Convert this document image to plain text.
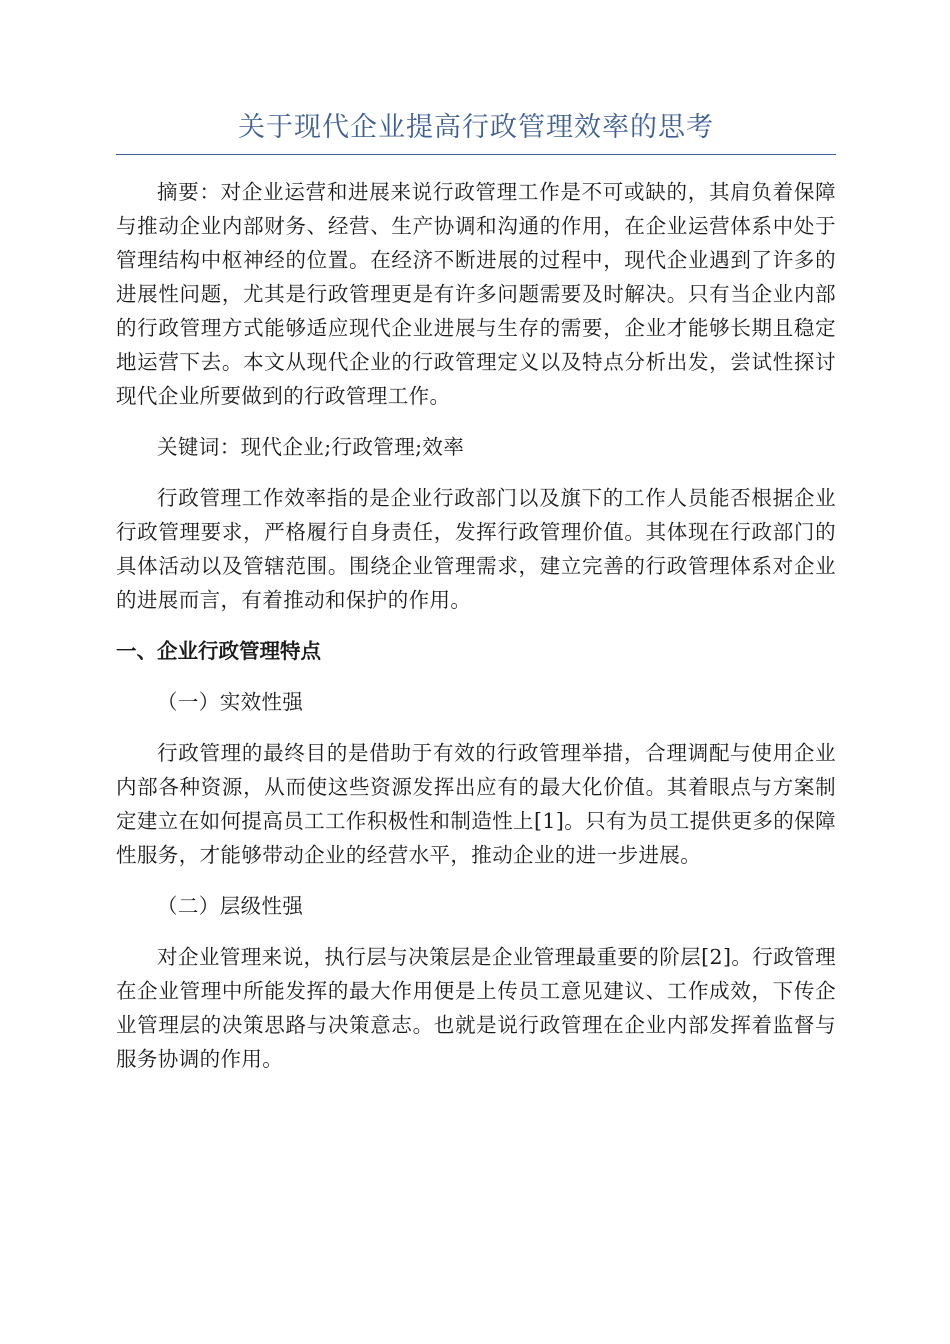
关于现代企业提高行政管理效率的思考

摘要：对企业运营和进展来说行政管理工作是不可或缺的，其肩负着保障与推动企业内部财务、经营、生产协调和沟通的作用，在企业运营体系中处于管理结构中枢神经的位置。在经济不断进展的过程中，现代企业遇到了许多的进展性问题，尤其是行政管理更是有许多问题需要及时解决。只有当企业内部的行政管理方式能够适应现代企业进展与生存的需要，企业才能够长期且稳定地运营下去。本文从现代企业的行政管理定义以及特点分析出发，尝试性探讨现代企业所要做到的行政管理工作。

关键词：现代企业;行政管理;效率

行政管理工作效率指的是企业行政部门以及旗下的工作人员能否根据企业行政管理要求，严格履行自身责任，发挥行政管理价值。其体现在行政部门的具体活动以及管辖范围。围绕企业管理需求，建立完善的行政管理体系对企业的进展而言，有着推动和保护的作用。

一、企业行政管理特点

（一）实效性强

行政管理的最终目的是借助于有效的行政管理举措，合理调配与使用企业内部各种资源，从而使这些资源发挥出应有的最大化价值。其着眼点与方案制定建立在如何提高员工工作积极性和制造性上[1]。只有为员工提供更多的保障性服务，才能够带动企业的经营水平，推动企业的进一步进展。

（二）层级性强

对企业管理来说，执行层与决策层是企业管理最重要的阶层[2]。行政管理在企业管理中所能发挥的最大作用便是上传员工意见建议、工作成效，下传企业管理层的决策思路与决策意志。也就是说行政管理在企业内部发挥着监督与服务协调的作用。
